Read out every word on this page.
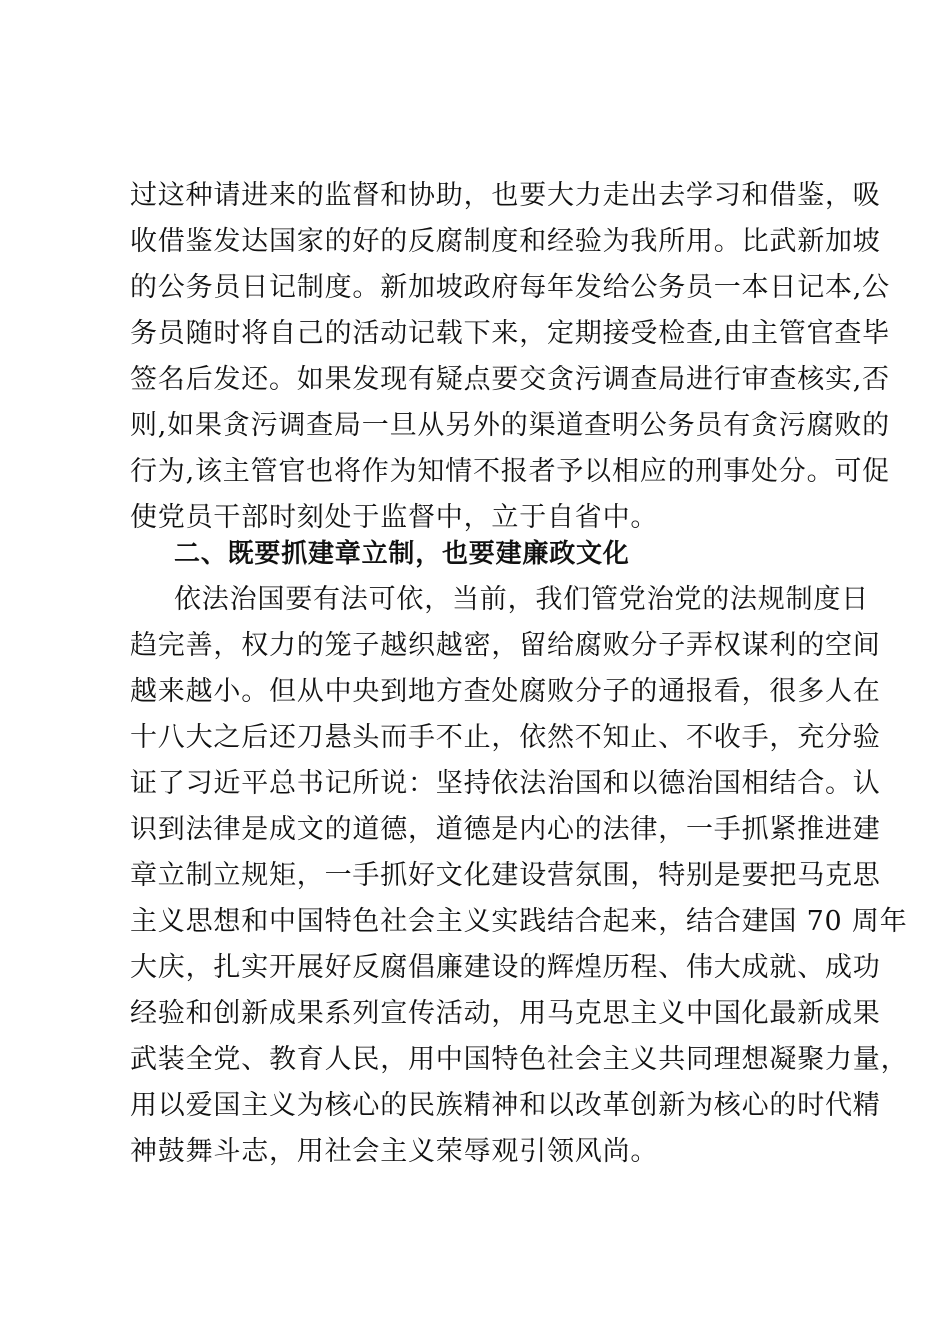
过这种请进来的监督和协助，也要大力走出去学习和借鉴，吸
收借鉴发达国家的好的反腐制度和经验为我所用。比武新加坡
的公务员日记制度。新加坡政府每年发给公务员一本日记本,公
务员随时将自己的活动记载下来，定期接受检查,由主管官查毕
签名后发还。如果发现有疑点要交贪污调查局进行审查核实,否
则,如果贪污调查局一旦从另外的渠道查明公务员有贪污腐败的
行为,该主管官也将作为知情不报者予以相应的刑事处分。可促
使党员干部时刻处于监督中，立于自省中。
二、既要抓建章立制，也要建廉政文化
依法治国要有法可依，当前，我们管党治党的法规制度日
趋完善，权力的笼子越织越密，留给腐败分子弄权谋利的空间
越来越小。但从中央到地方查处腐败分子的通报看，很多人在
十八大之后还刀悬头而手不止，依然不知止、不收手，充分验
证了习近平总书记所说：坚持依法治国和以德治国相结合。认
识到法律是成文的道德，道德是内心的法律，一手抓紧推进建
章立制立规矩，一手抓好文化建设营氛围，特别是要把马克思
主义思想和中国特色社会主义实践结合起来，结合建国 70 周年
大庆，扎实开展好反腐倡廉建设的辉煌历程、伟大成就、成功
经验和创新成果系列宣传活动，用马克思主义中国化最新成果
武装全党、教育人民，用中国特色社会主义共同理想凝聚力量，
用以爱国主义为核心的民族精神和以改革创新为核心的时代精
神鼓舞斗志，用社会主义荣辱观引领风尚。
